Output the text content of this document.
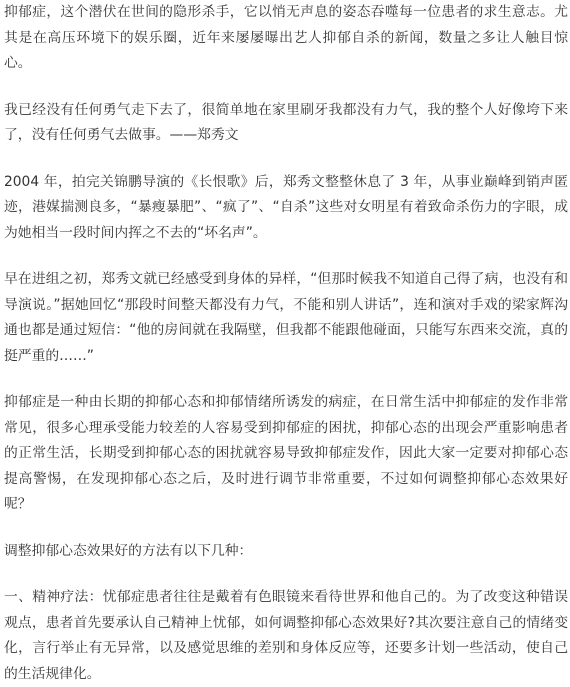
抑郁症，这个潜伏在世间的隐形杀手，它以悄无声息的姿态吞噬每一位患者的求生意志。尤其是在高压环境下的娱乐圈，近年来屡屡曝出艺人抑郁自杀的新闻，数量之多让人触目惊心。

我已经没有任何勇气走下去了，很简单地在家里刷牙我都没有力气，我的整个人好像垮下来了，没有任何勇气去做事。——郑秀文

2004 年，拍完关锦鹏导演的《长恨歌》后，郑秀文整整休息了 3 年，从事业巅峰到销声匿迹，港媒揣测良多，“暴瘦暴肥”、“疯了”、“自杀”这些对女明星有着致命杀伤力的字眼，成为她相当一段时间内挥之不去的“坏名声”。

早在进组之初，郑秀文就已经感受到身体的异样，“但那时候我不知道自己得了病，也没有和导演说。”据她回忆“那段时间整天都没有力气，不能和别人讲话”，连和演对手戏的梁家辉沟通也都是通过短信：“他的房间就在我隔壁，但我都不能跟他碰面，只能写东西来交流，真的挺严重的……”

抑郁症是一种由长期的抑郁心态和抑郁情绪所诱发的病症，在日常生活中抑郁症的发作非常常见，很多心理承受能力较差的人容易受到抑郁症的困扰，抑郁心态的出现会严重影响患者的正常生活，长期受到抑郁心态的困扰就容易导致抑郁症发作，因此大家一定要对抑郁心态提高警惕，在发现抑郁心态之后，及时进行调节非常重要，不过如何调整抑郁心态效果好呢？

调整抑郁心态效果好的方法有以下几种：

一、精神疗法：忧郁症患者往往是戴着有色眼镜来看待世界和他自己的。为了改变这种错误观点，患者首先要承认自己精神上忧郁，如何调整抑郁心态效果好?其次要注意自己的情绪变化，言行举止有无异常，以及感觉思维的差别和身体反应等，还要多计划一些活动，使自己的生活规律化。
